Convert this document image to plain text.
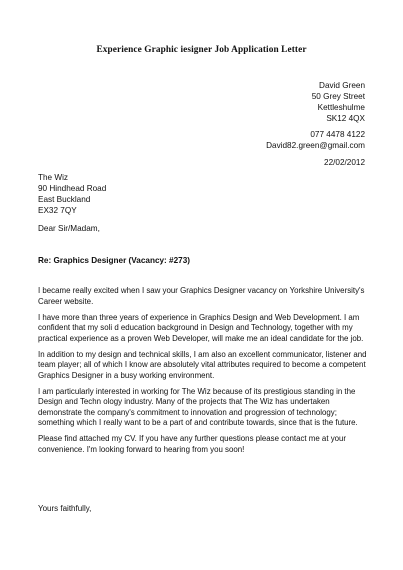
Experience Graphic iesigner Job Application Letter
David Green
50 Grey Street
Kettleshulme
SK12 4QX
077 4478 4122
David82.green@gmail.com
22/02/2012
The Wiz
90 Hindhead Road
East Buckland
EX32 7QY
Dear Sir/Madam,
Re: Graphics Designer (Vacancy: #273)

I became really excited when I saw your Graphics Designer vacancy on Yorkshire University's Career website.

I have more than three years of experience in Graphics Design and Web Development. I am confident that my soli d education background in Design and Technology, together with my practical experience as a proven Web Developer, will make me an ideal candidate for the job.

In addition to my design and technical skills, I am also an excellent communicator, listener and team player; all of which I know are absolutely vital attributes required to become a competent Graphics Designer in a busy working environment.

I am particularly interested in working for The Wiz because of its prestigious standing in the Design and Techn ology industry. Many of the projects that The Wiz has undertaken demonstrate the company's commitment to innovation and progression of technology; something which I really want to be a part of and contribute towards, since that is the future.

Please find attached my CV. If you have any further questions please contact me at your convenience. I'm looking forward to hearing from you soon!

Yours faithfully,
